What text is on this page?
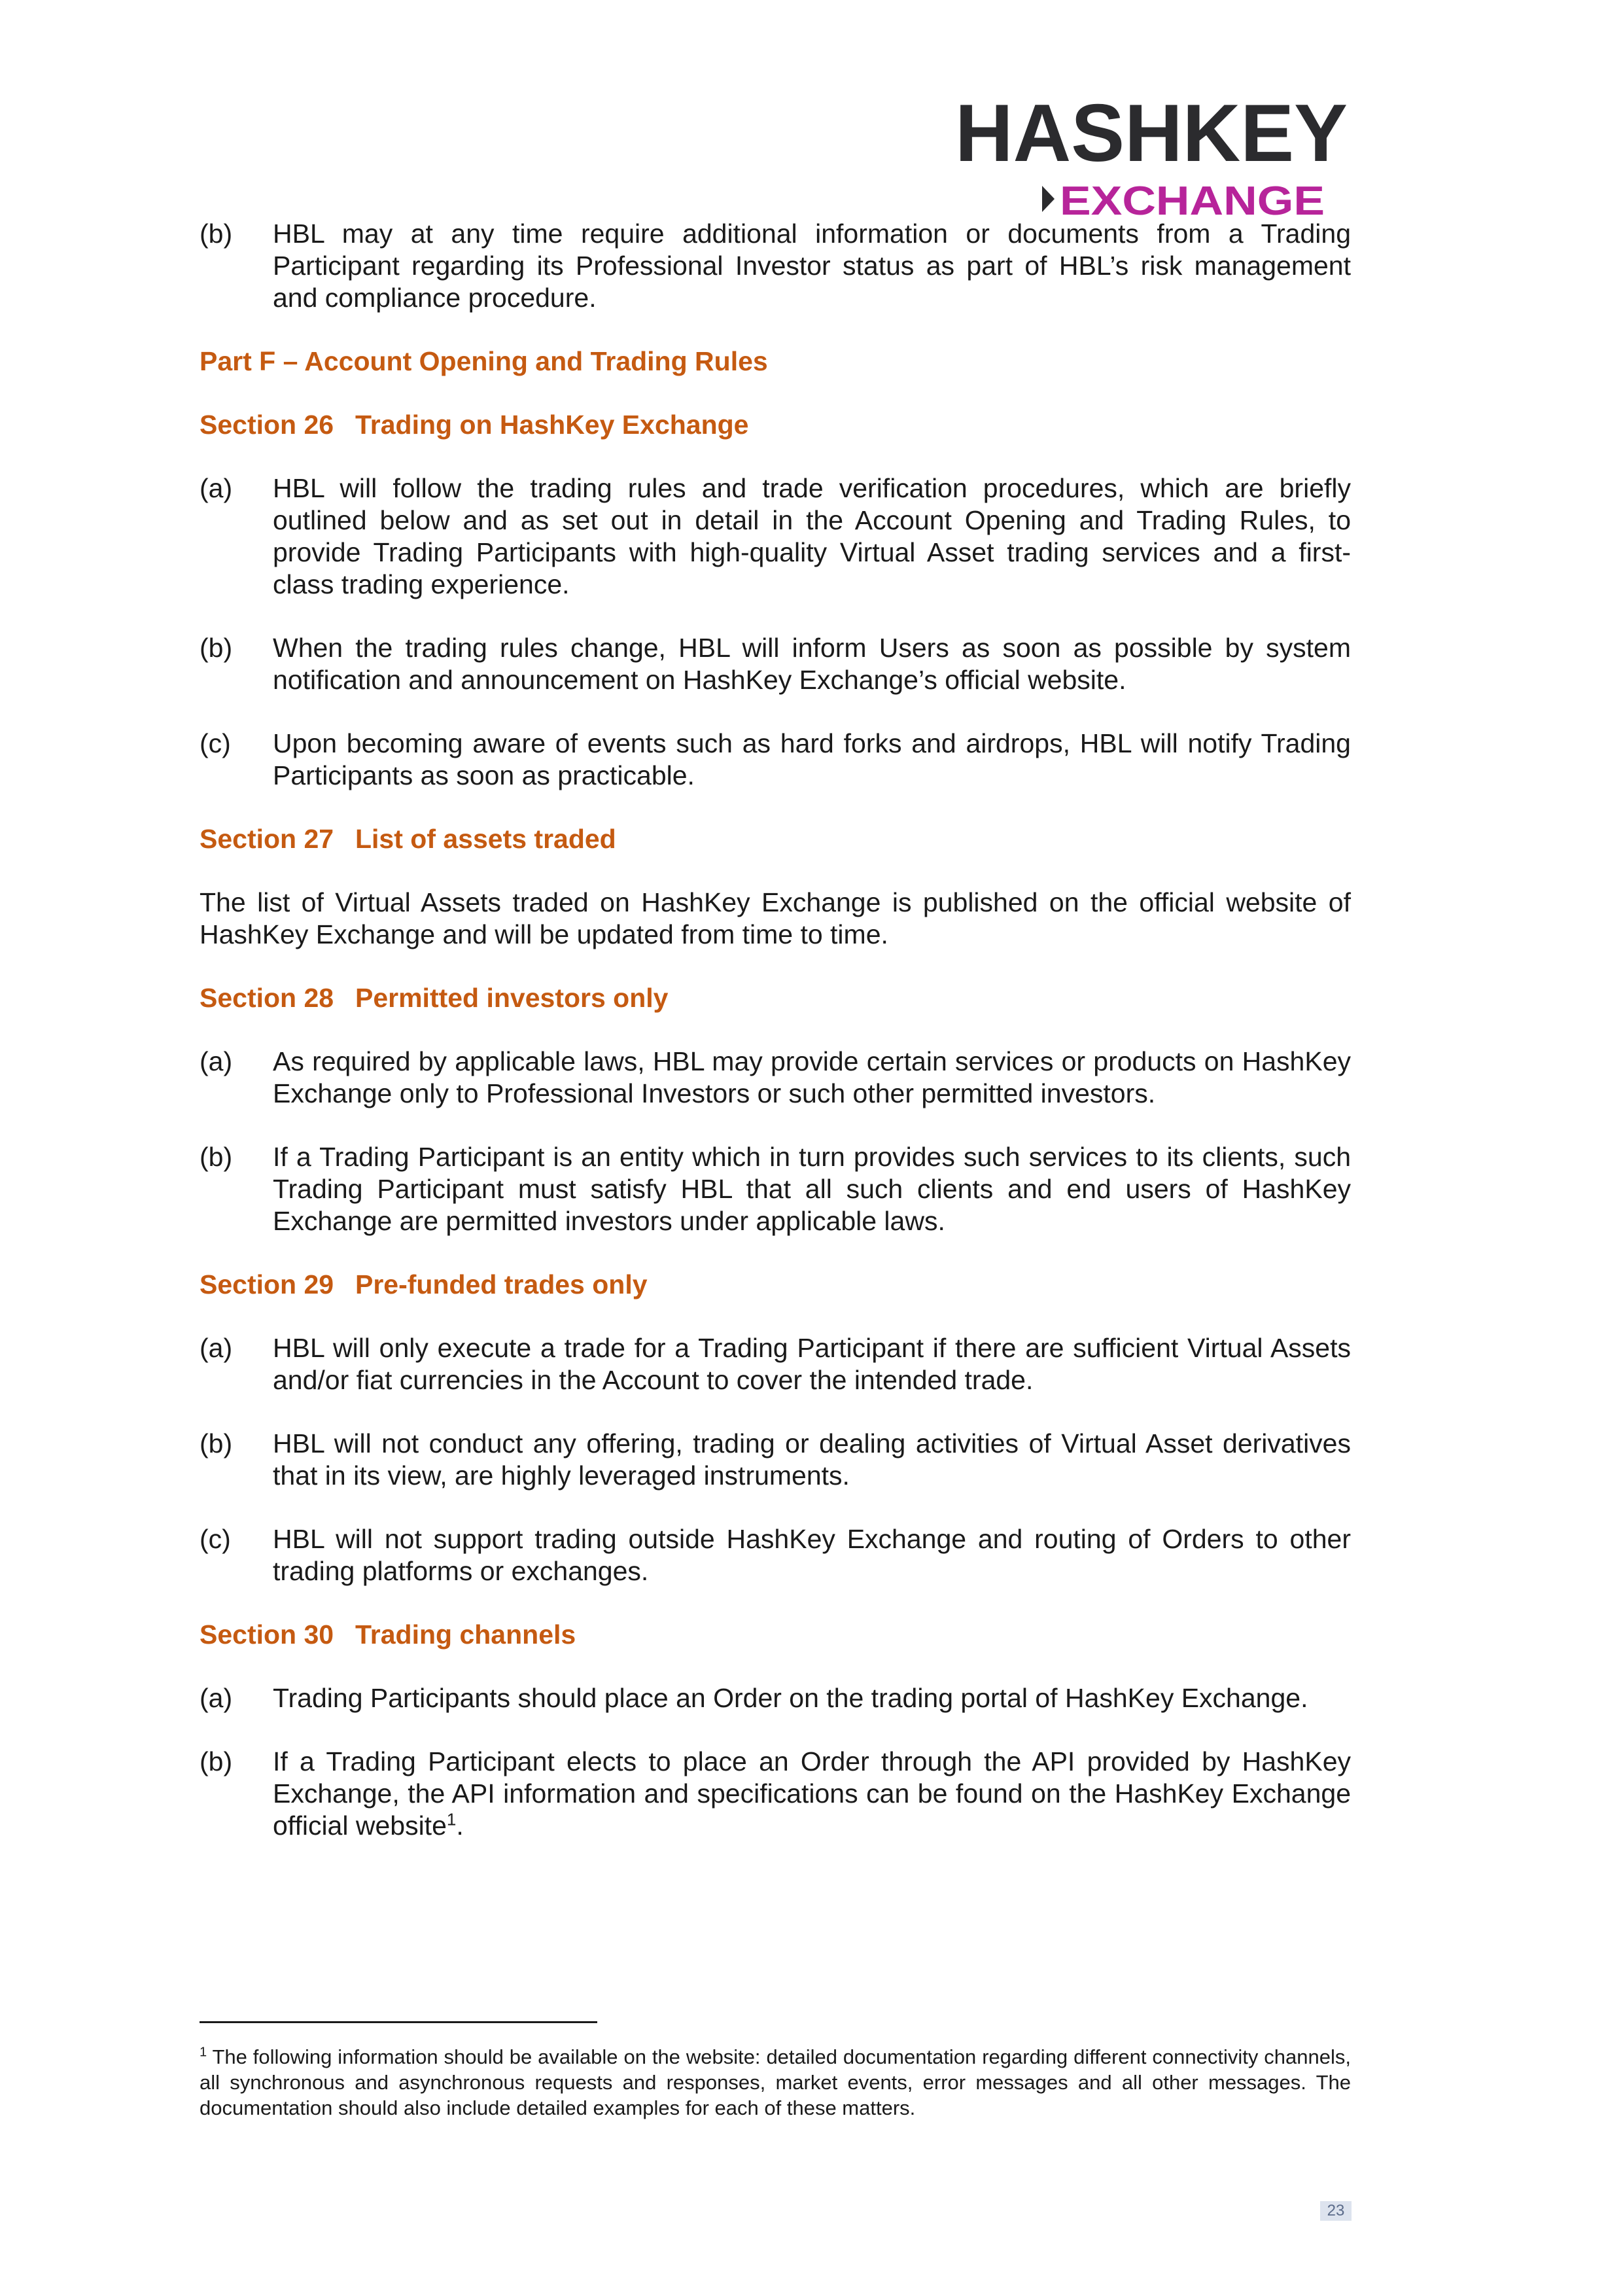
HASHKEY
EXCHANGE
(b) HBL may at any time require additional information or documents from a Trading Participant regarding its Professional Investor status as part of HBL’s risk management and compliance procedure.
Part F – Account Opening and Trading Rules
Section 26 Trading on HashKey Exchange
(a) HBL will follow the trading rules and trade verification procedures, which are briefly outlined below and as set out in detail in the Account Opening and Trading Rules, to provide Trading Participants with high-quality Virtual Asset trading services and a first-class trading experience.
(b) When the trading rules change, HBL will inform Users as soon as possible by system notification and announcement on HashKey Exchange’s official website.
(c) Upon becoming aware of events such as hard forks and airdrops, HBL will notify Trading Participants as soon as practicable.
Section 27 List of assets traded
The list of Virtual Assets traded on HashKey Exchange is published on the official website of HashKey Exchange and will be updated from time to time.
Section 28 Permitted investors only
(a) As required by applicable laws, HBL may provide certain services or products on HashKey Exchange only to Professional Investors or such other permitted investors.
(b) If a Trading Participant is an entity which in turn provides such services to its clients, such Trading Participant must satisfy HBL that all such clients and end users of HashKey Exchange are permitted investors under applicable laws.
Section 29 Pre-funded trades only
(a) HBL will only execute a trade for a Trading Participant if there are sufficient Virtual Assets and/or fiat currencies in the Account to cover the intended trade.
(b) HBL will not conduct any offering, trading or dealing activities of Virtual Asset derivatives that in its view, are highly leveraged instruments.
(c) HBL will not support trading outside HashKey Exchange and routing of Orders to other trading platforms or exchanges.
Section 30 Trading channels
(a) Trading Participants should place an Order on the trading portal of HashKey Exchange.
(b) If a Trading Participant elects to place an Order through the API provided by HashKey Exchange, the API information and specifications can be found on the HashKey Exchange official website$^1$.
$^1$ The following information should be available on the website: detailed documentation regarding different connectivity channels, all synchronous and asynchronous requests and responses, market events, error messages and all other messages. The documentation should also include detailed examples for each of these matters.
23
